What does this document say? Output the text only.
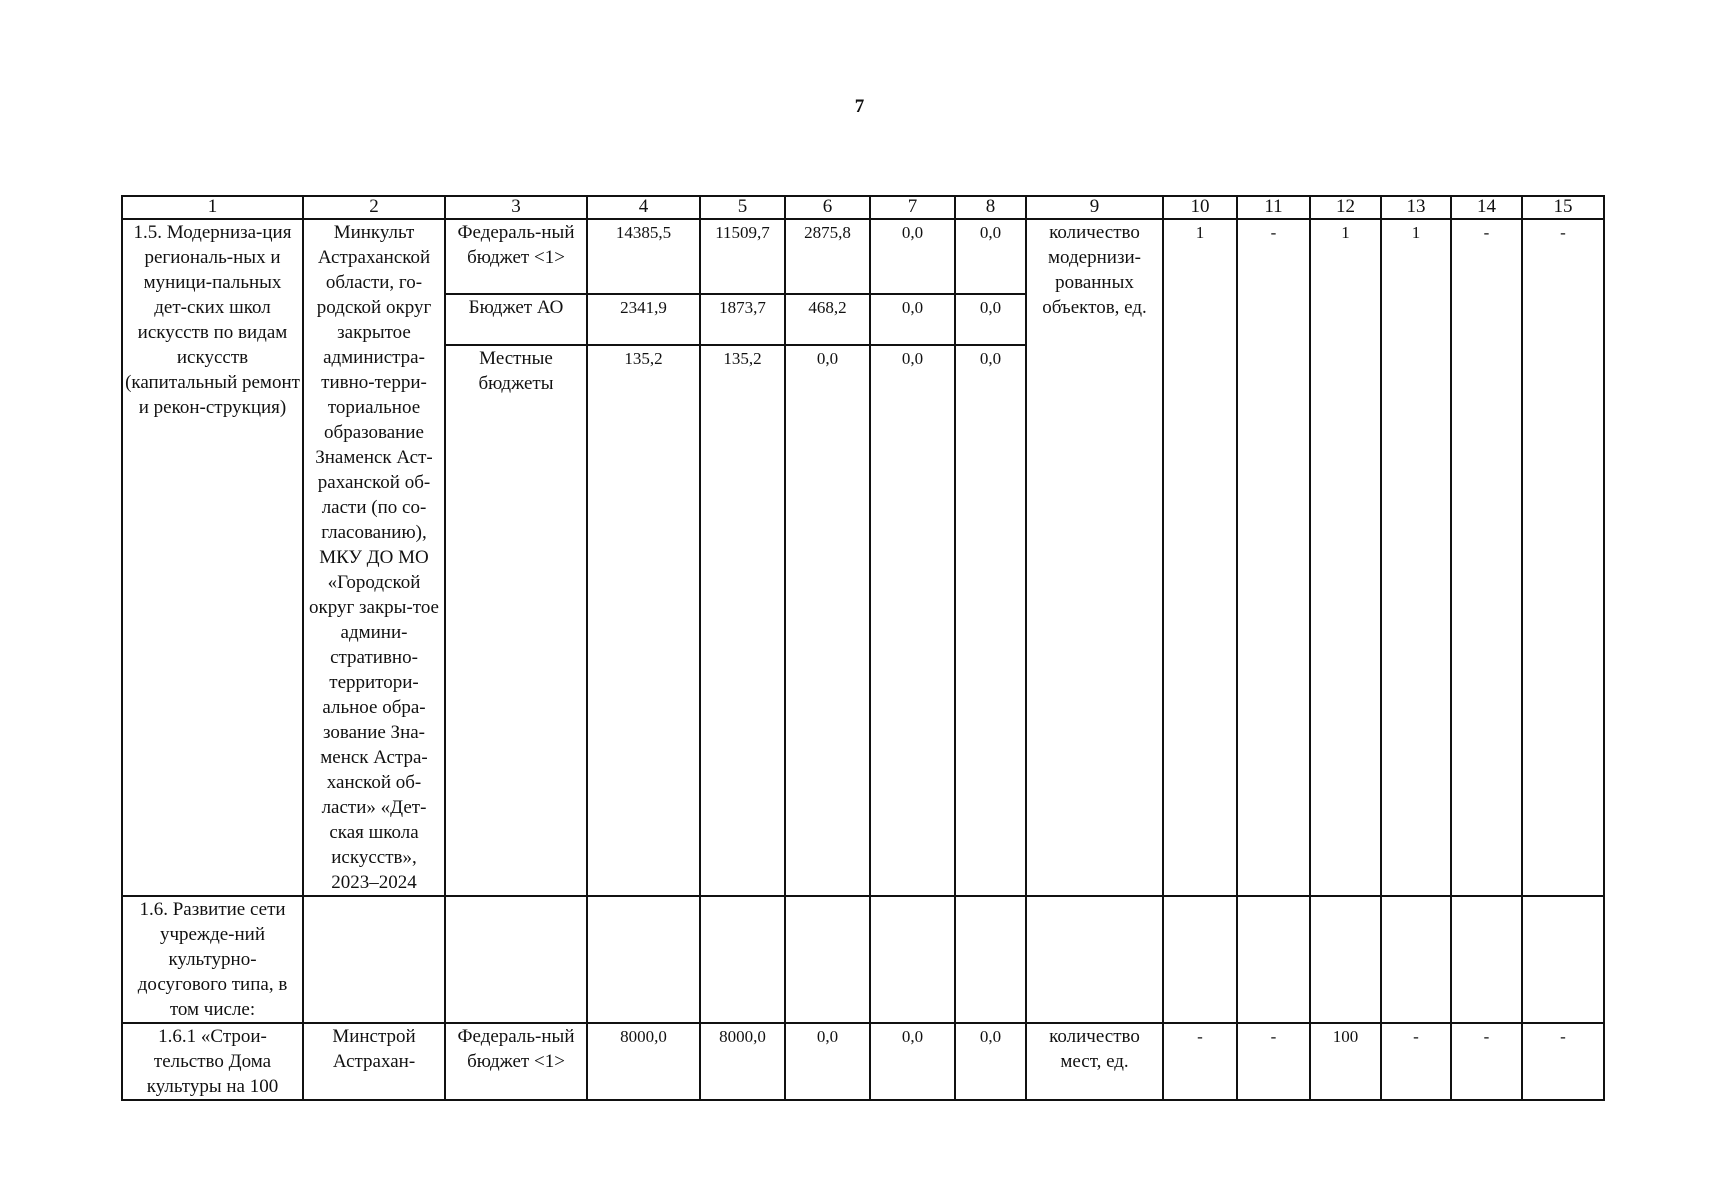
7
1	2	3	4	5	6	7	8	9	10	11	12	13	14	15
1.5. Модерниза-ция региональ-ных и муници-пальных дет-ских школ искусств по видам искусств (капитальный ремонт и рекон-струкция)	Минкульт Астраханской области, го-родской округ закрытое администра-тивно-терри-ториальное образование Знаменск Аст-раханской об-ласти (по со-гласованию), МКУ ДО МО «Городской округ закры-тое админи-стративно-территори-альное обра-зование Зна-менск Астра-ханской об-ласти» «Дет-ская школа искусств», 2023–2024	Федераль-ный бюджет <1>	14385,5	11509,7	2875,8	0,0	0,0	количество модернизи-рованных объектов, ед.	1	-	1	1	-	-
		Бюджет АО	2341,9	1873,7	468,2	0,0	0,0							
		Местные бюджеты	135,2	135,2	0,0	0,0	0,0							
1.6. Развитие сети учрежде-ний культурно-досугового типа, в том числе:														
1.6.1 «Строи-тельство Дома культуры на 100	Минстрой Астрахан-	Федераль-ный бюджет <1>	8000,0	8000,0	0,0	0,0	0,0	количество мест, ед.	-	-	100	-	-	-
